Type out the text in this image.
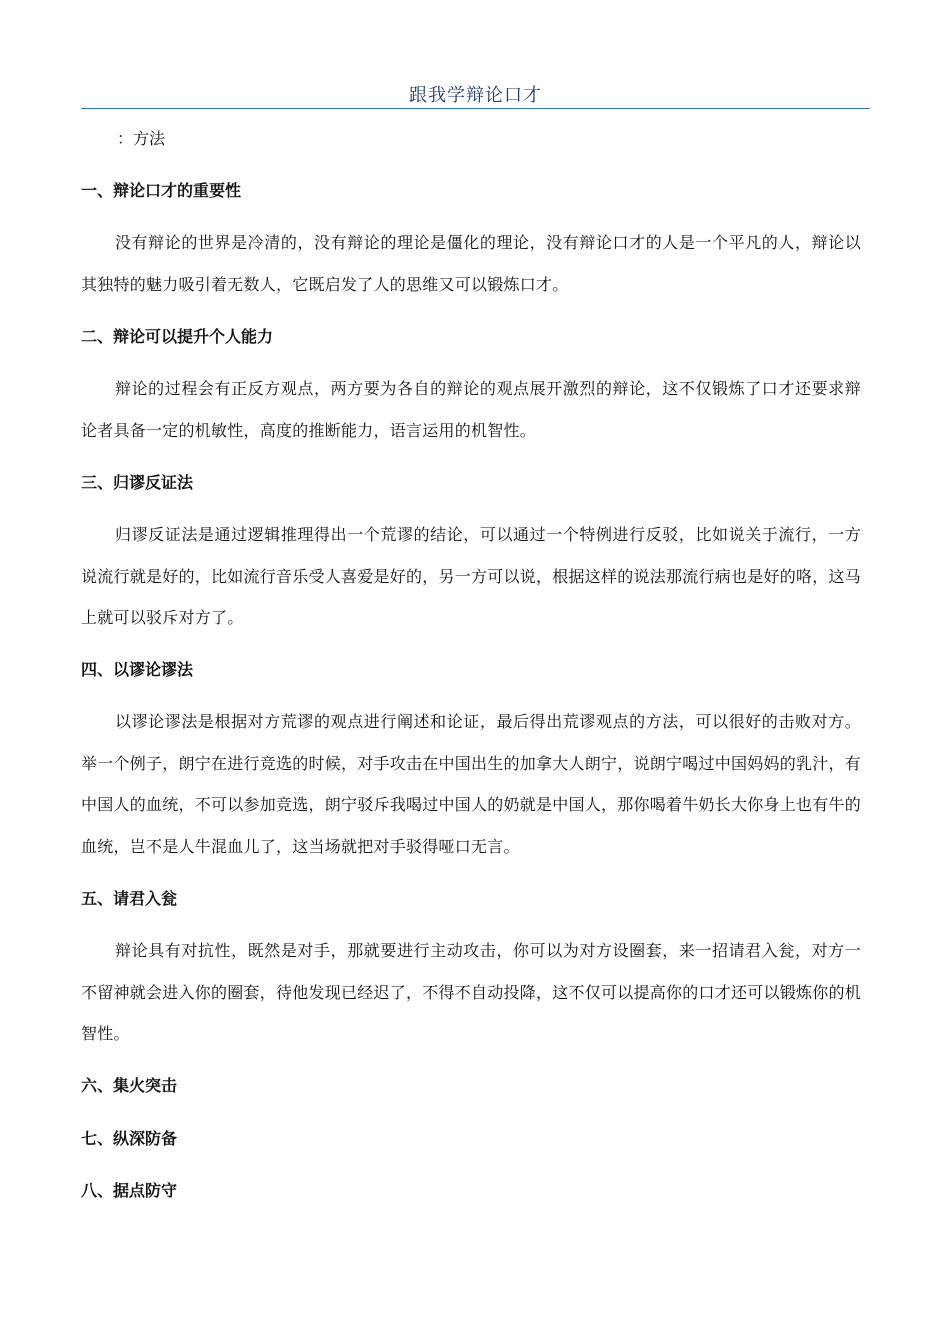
跟我学辩论口才
：方法
一、辩论口才的重要性
没有辩论的世界是冷清的，没有辩论的理论是僵化的理论，没有辩论口才的人是一个平凡的人，辩论以其独特的魅力吸引着无数人，它既启发了人的思维又可以锻炼口才。
二、辩论可以提升个人能力
辩论的过程会有正反方观点，两方要为各自的辩论的观点展开激烈的辩论，这不仅锻炼了口才还要求辩论者具备一定的机敏性，高度的推断能力，语言运用的机智性。
三、归谬反证法
归谬反证法是通过逻辑推理得出一个荒谬的结论，可以通过一个特例进行反驳，比如说关于流行，一方说流行就是好的，比如流行音乐受人喜爱是好的，另一方可以说，根据这样的说法那流行病也是好的咯，这马上就可以驳斥对方了。
四、以谬论谬法
以谬论谬法是根据对方荒谬的观点进行阐述和论证，最后得出荒谬观点的方法，可以很好的击败对方。举一个例子，朗宁在进行竞选的时候，对手攻击在中国出生的加拿大人朗宁，说朗宁喝过中国妈妈的乳汁，有中国人的血统，不可以参加竞选，朗宁驳斥我喝过中国人的奶就是中国人，那你喝着牛奶长大你身上也有牛的血统，岂不是人牛混血儿了，这当场就把对手驳得哑口无言。
五、请君入瓮
辩论具有对抗性，既然是对手，那就要进行主动攻击，你可以为对方设圈套，来一招请君入瓮，对方一不留神就会进入你的圈套，待他发现已经迟了，不得不自动投降，这不仅可以提高你的口才还可以锻炼你的机智性。
六、集火突击
七、纵深防备
八、据点防守
